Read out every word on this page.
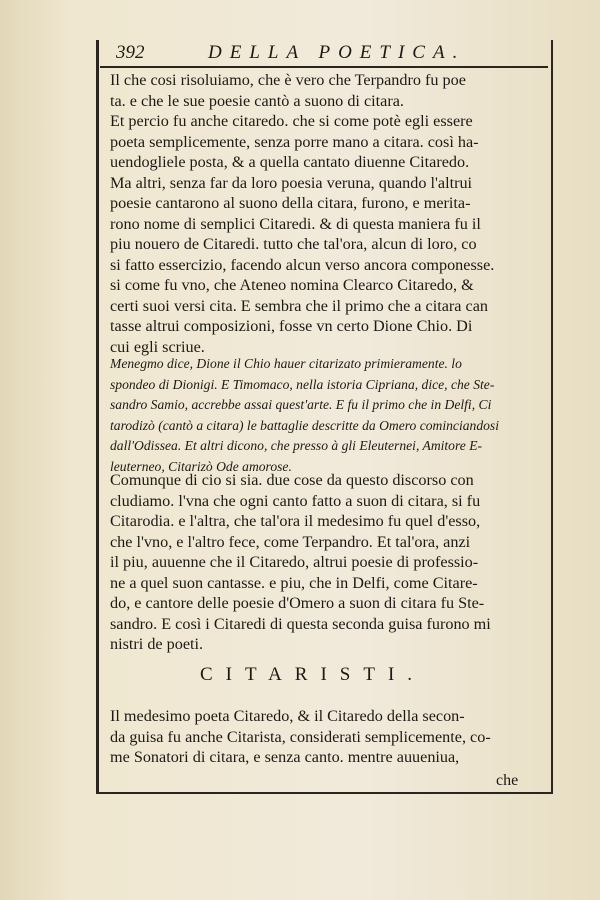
392	DELLA POETICA.
Il che cosi risoluiamo, che è vero che Terpandro fu poe
ta. e che le sue poesie cantò a suono di citara.
Et percio fu anche citaredo. che si come potè egli essere
poeta semplicemente, senza porre mano a citara. così ha-
uendogliele posta, & a quella cantato diuenne Citaredo.
Ma altri, senza far da loro poesia veruna, quando l'altrui
poesie cantarono al suono della citara, furono, e merita-
rono nome di semplici Citaredi. & di questa maniera fu il
piu nouero de Citaredi. tutto che tal'ora, alcun di loro, co
si fatto essercizio, facendo alcun verso ancora componesse.
si come fu vno, che Ateneo nomina Clearco Citaredo, &
certi suoi versi cita. E sembra che il primo che a citara can
tasse altrui composizioni, fosse vn certo Dione Chio. Di
cui egli scriue.
Menegmo dice, Dione il Chio hauer citarizato primieramente. lo
spondeo di Dionigi. E Timomaco, nella istoria Cipriana, dice, che Ste-
sandro Samio, accrebbe assai quest'arte. E fu il primo che in Delfi, Ci
tarodizò (cantò a citara) le battaglie descritte da Omero cominciandosi
dall'Odissea. Et altri dicono, che presso à gli Eleuternei, Amitore E-
leuterneo, Citarizò Ode amorose.
Comunque di cio si sia. due cose da questo discorso con
cludiamo. l'vna che ogni canto fatto a suon di citara, si fu
Citarodia. e l'altra, che tal'ora il medesimo fu quel d'esso,
che l'vno, e l'altro fece, come Terpandro. Et tal'ora, anzi
il piu, auuenne che il Citaredo, altrui poesie di professio-
ne a quel suon cantasse. e piu, che in Delfi, come Citare-
do, e cantore delle poesie d'Omero a suon di citara fu Ste-
sandro. E così i Citaredi di questa seconda guisa furono mi
nistri de poeti.
CITARISTI.
Il medesimo poeta Citaredo, & il Citaredo della secon-
da guisa fu anche Citarista, considerati semplicemente, co-
me Sonatori di citara, e senza canto. mentre auueniua,
che
